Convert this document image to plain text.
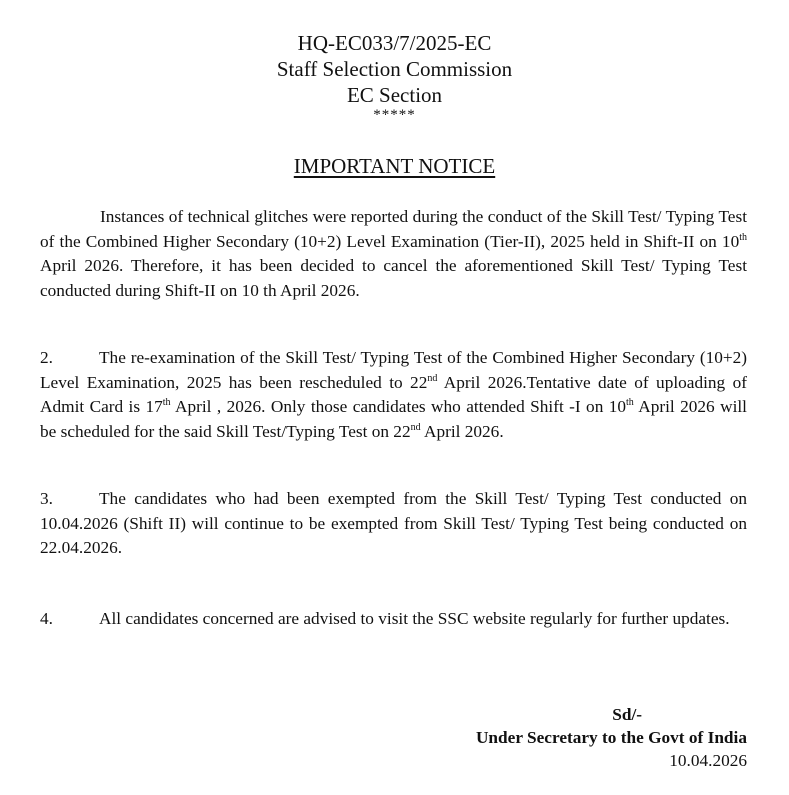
HQ-EC033/7/2025-EC
Staff Selection Commission
EC Section
*****
IMPORTANT NOTICE
Instances of technical glitches were reported during the conduct of the Skill Test/ Typing Test of the Combined Higher Secondary (10+2) Level Examination (Tier-II), 2025 held in Shift-II on 10th April 2026. Therefore, it has been decided to cancel the aforementioned Skill Test/ Typing Test conducted during Shift-II on 10 th April 2026.
2.	The re-examination of the Skill Test/ Typing Test of the Combined Higher Secondary (10+2) Level Examination, 2025 has been rescheduled to 22nd April 2026.Tentative date of uploading of Admit Card is 17th April , 2026. Only those candidates who attended Shift -I on 10th April 2026 will be scheduled for the said Skill Test/Typing Test on 22nd April 2026.
3.	The candidates who had been exempted from the Skill Test/ Typing Test conducted on 10.04.2026 (Shift II) will continue to be exempted from Skill Test/ Typing Test being conducted on 22.04.2026.
4.	All candidates concerned are advised to visit the SSC website regularly for further updates.
Sd/-
Under Secretary to the Govt of India
10.04.2026
